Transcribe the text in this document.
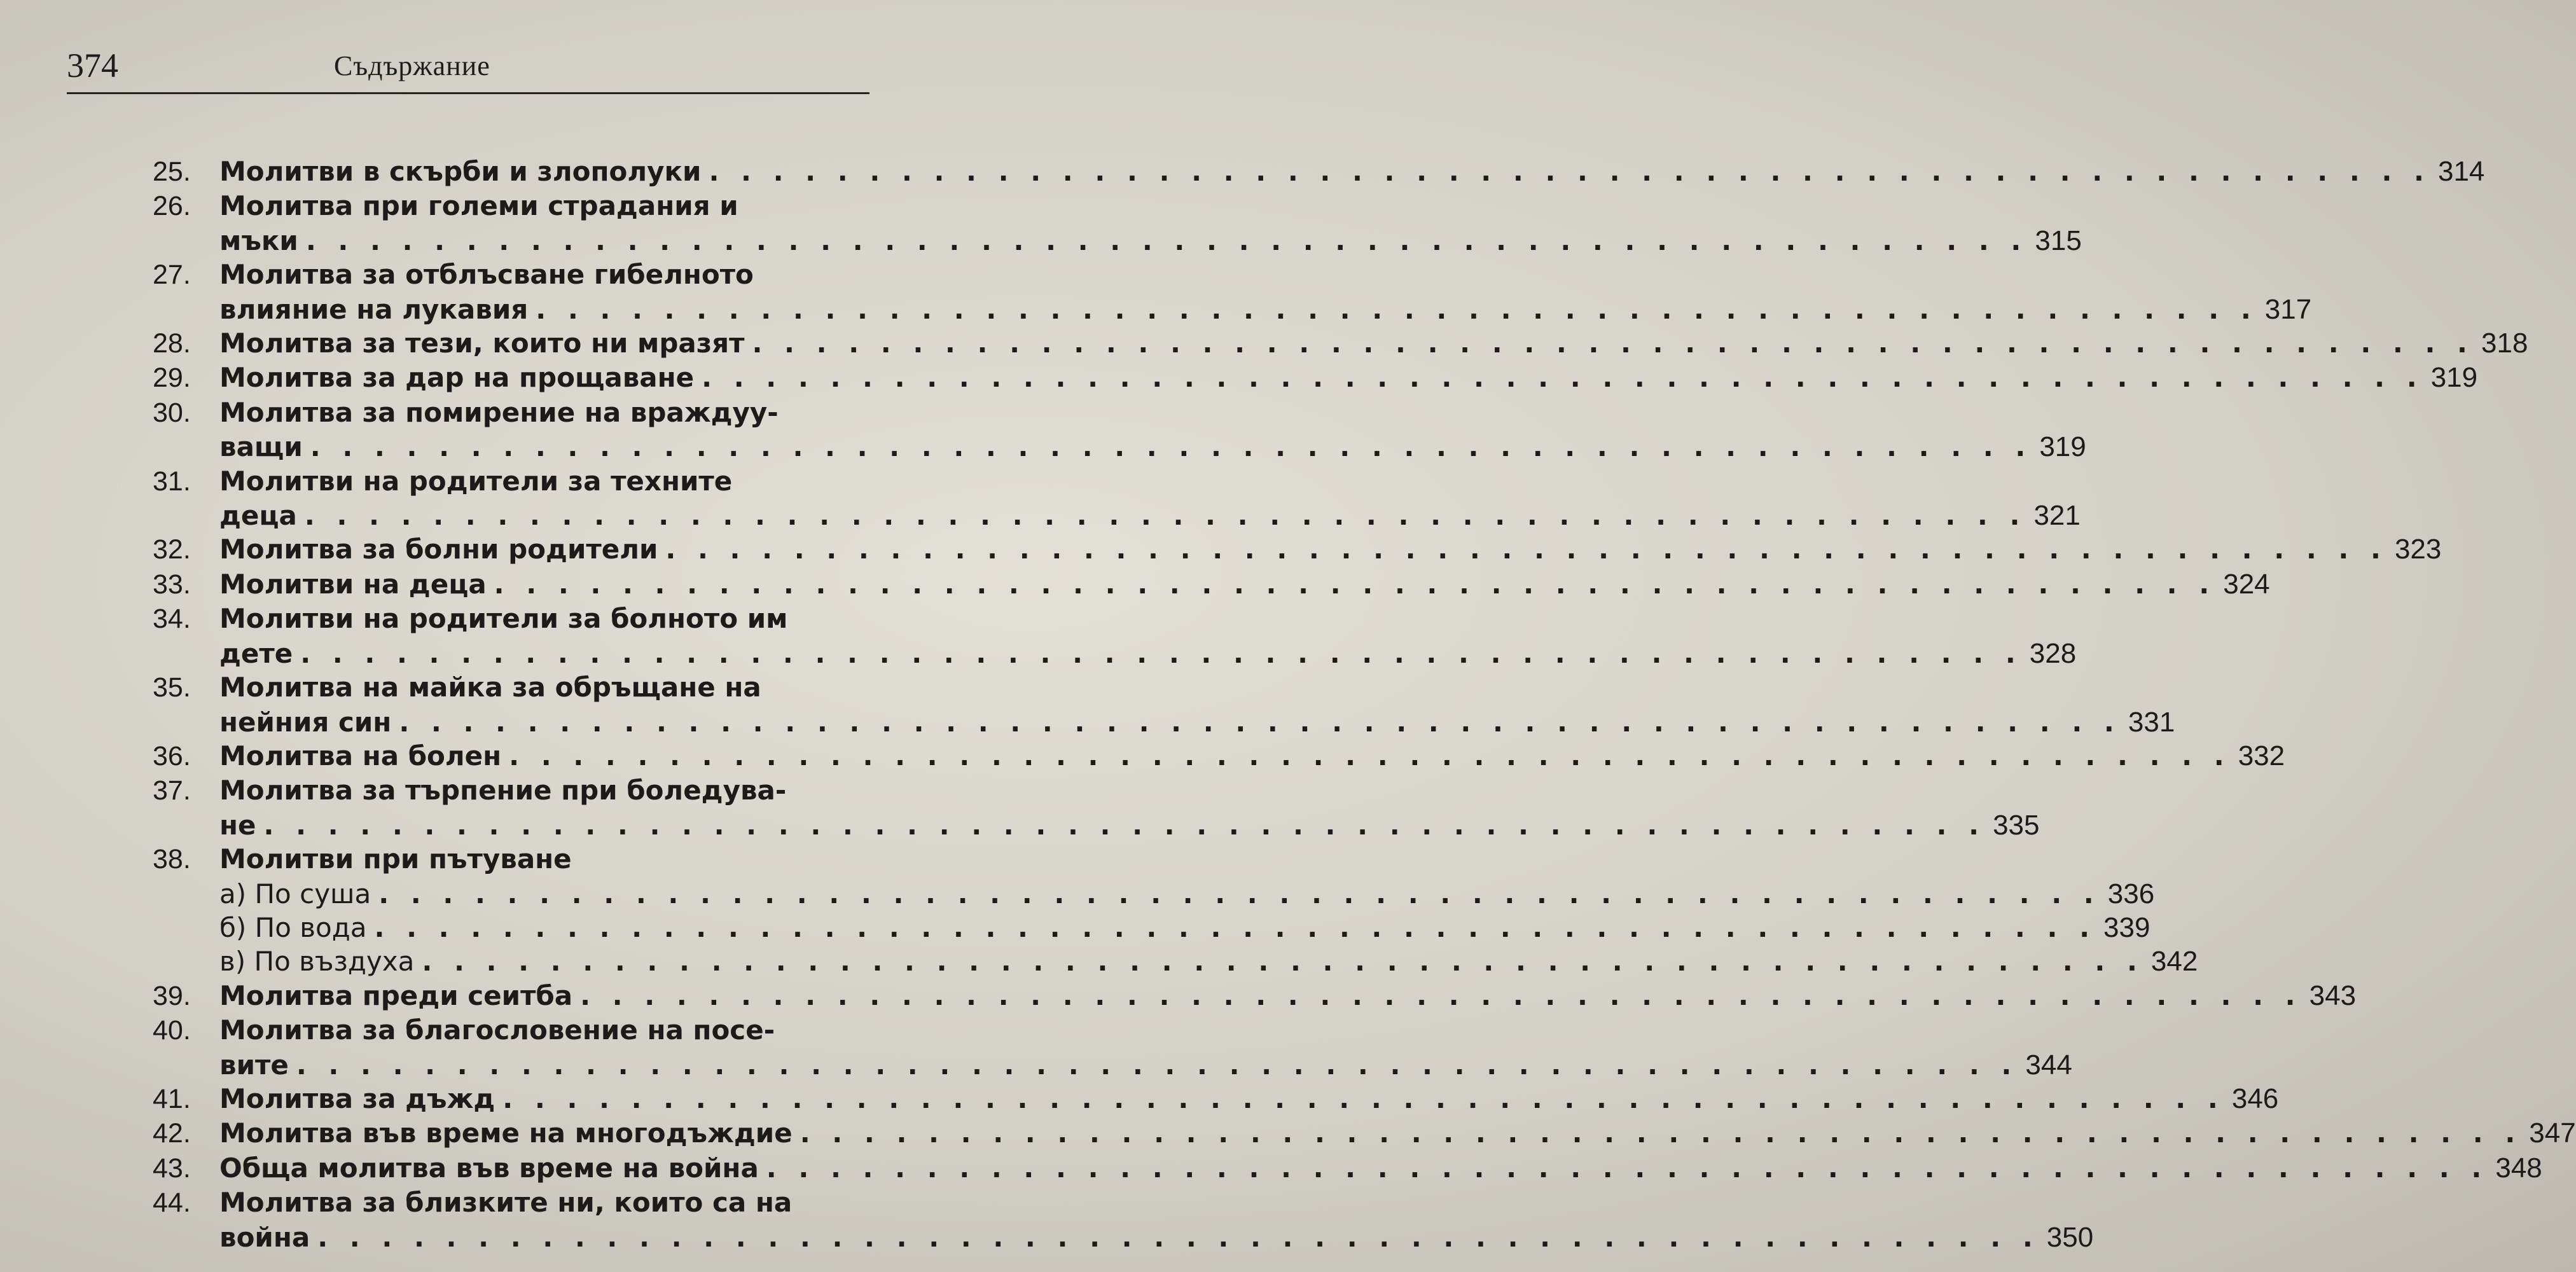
374	Съдържание
25.	Молитви в скърби и злополуки . . .	314
26.	Молитва при големи страдания и
мъки . . .	315
27.	Молитва за отблъсване гибелното
влияние на лукавия . . .	317
28.	Молитва за тези, които ни мразят . . .	318
29.	Молитва за дар на прощаване . . .	319
30.	Молитва за помирение на враждуу-
ващи . . .	319
31.	Молитви на родители за техните
деца . . .	321
32.	Молитва за болни родители . . .	323
33.	Молитви на деца . . .	324
34.	Молитви на родители за болното им
дете . . .	328
35.	Молитва на майка за обръщане на
нейния син . . .	331
36.	Молитва на болен . . .	332
37.	Молитва за търпение при боледува-
не . . .	335
38.	Молитви при пътуване
а) По суша . . .	336
б) По вода . . .	339
в) По въздуха . . .	342
39.	Молитва преди сеитба . . .	343
40.	Молитва за благословение на посе-
вите . . .	344
41.	Молитва за дъжд . . .	346
42.	Молитва във време на многодъждие . . .	347
43.	Обща молитва във време на война . . .	348
44.	Молитва за близките ни, които са на
война . . .	350
